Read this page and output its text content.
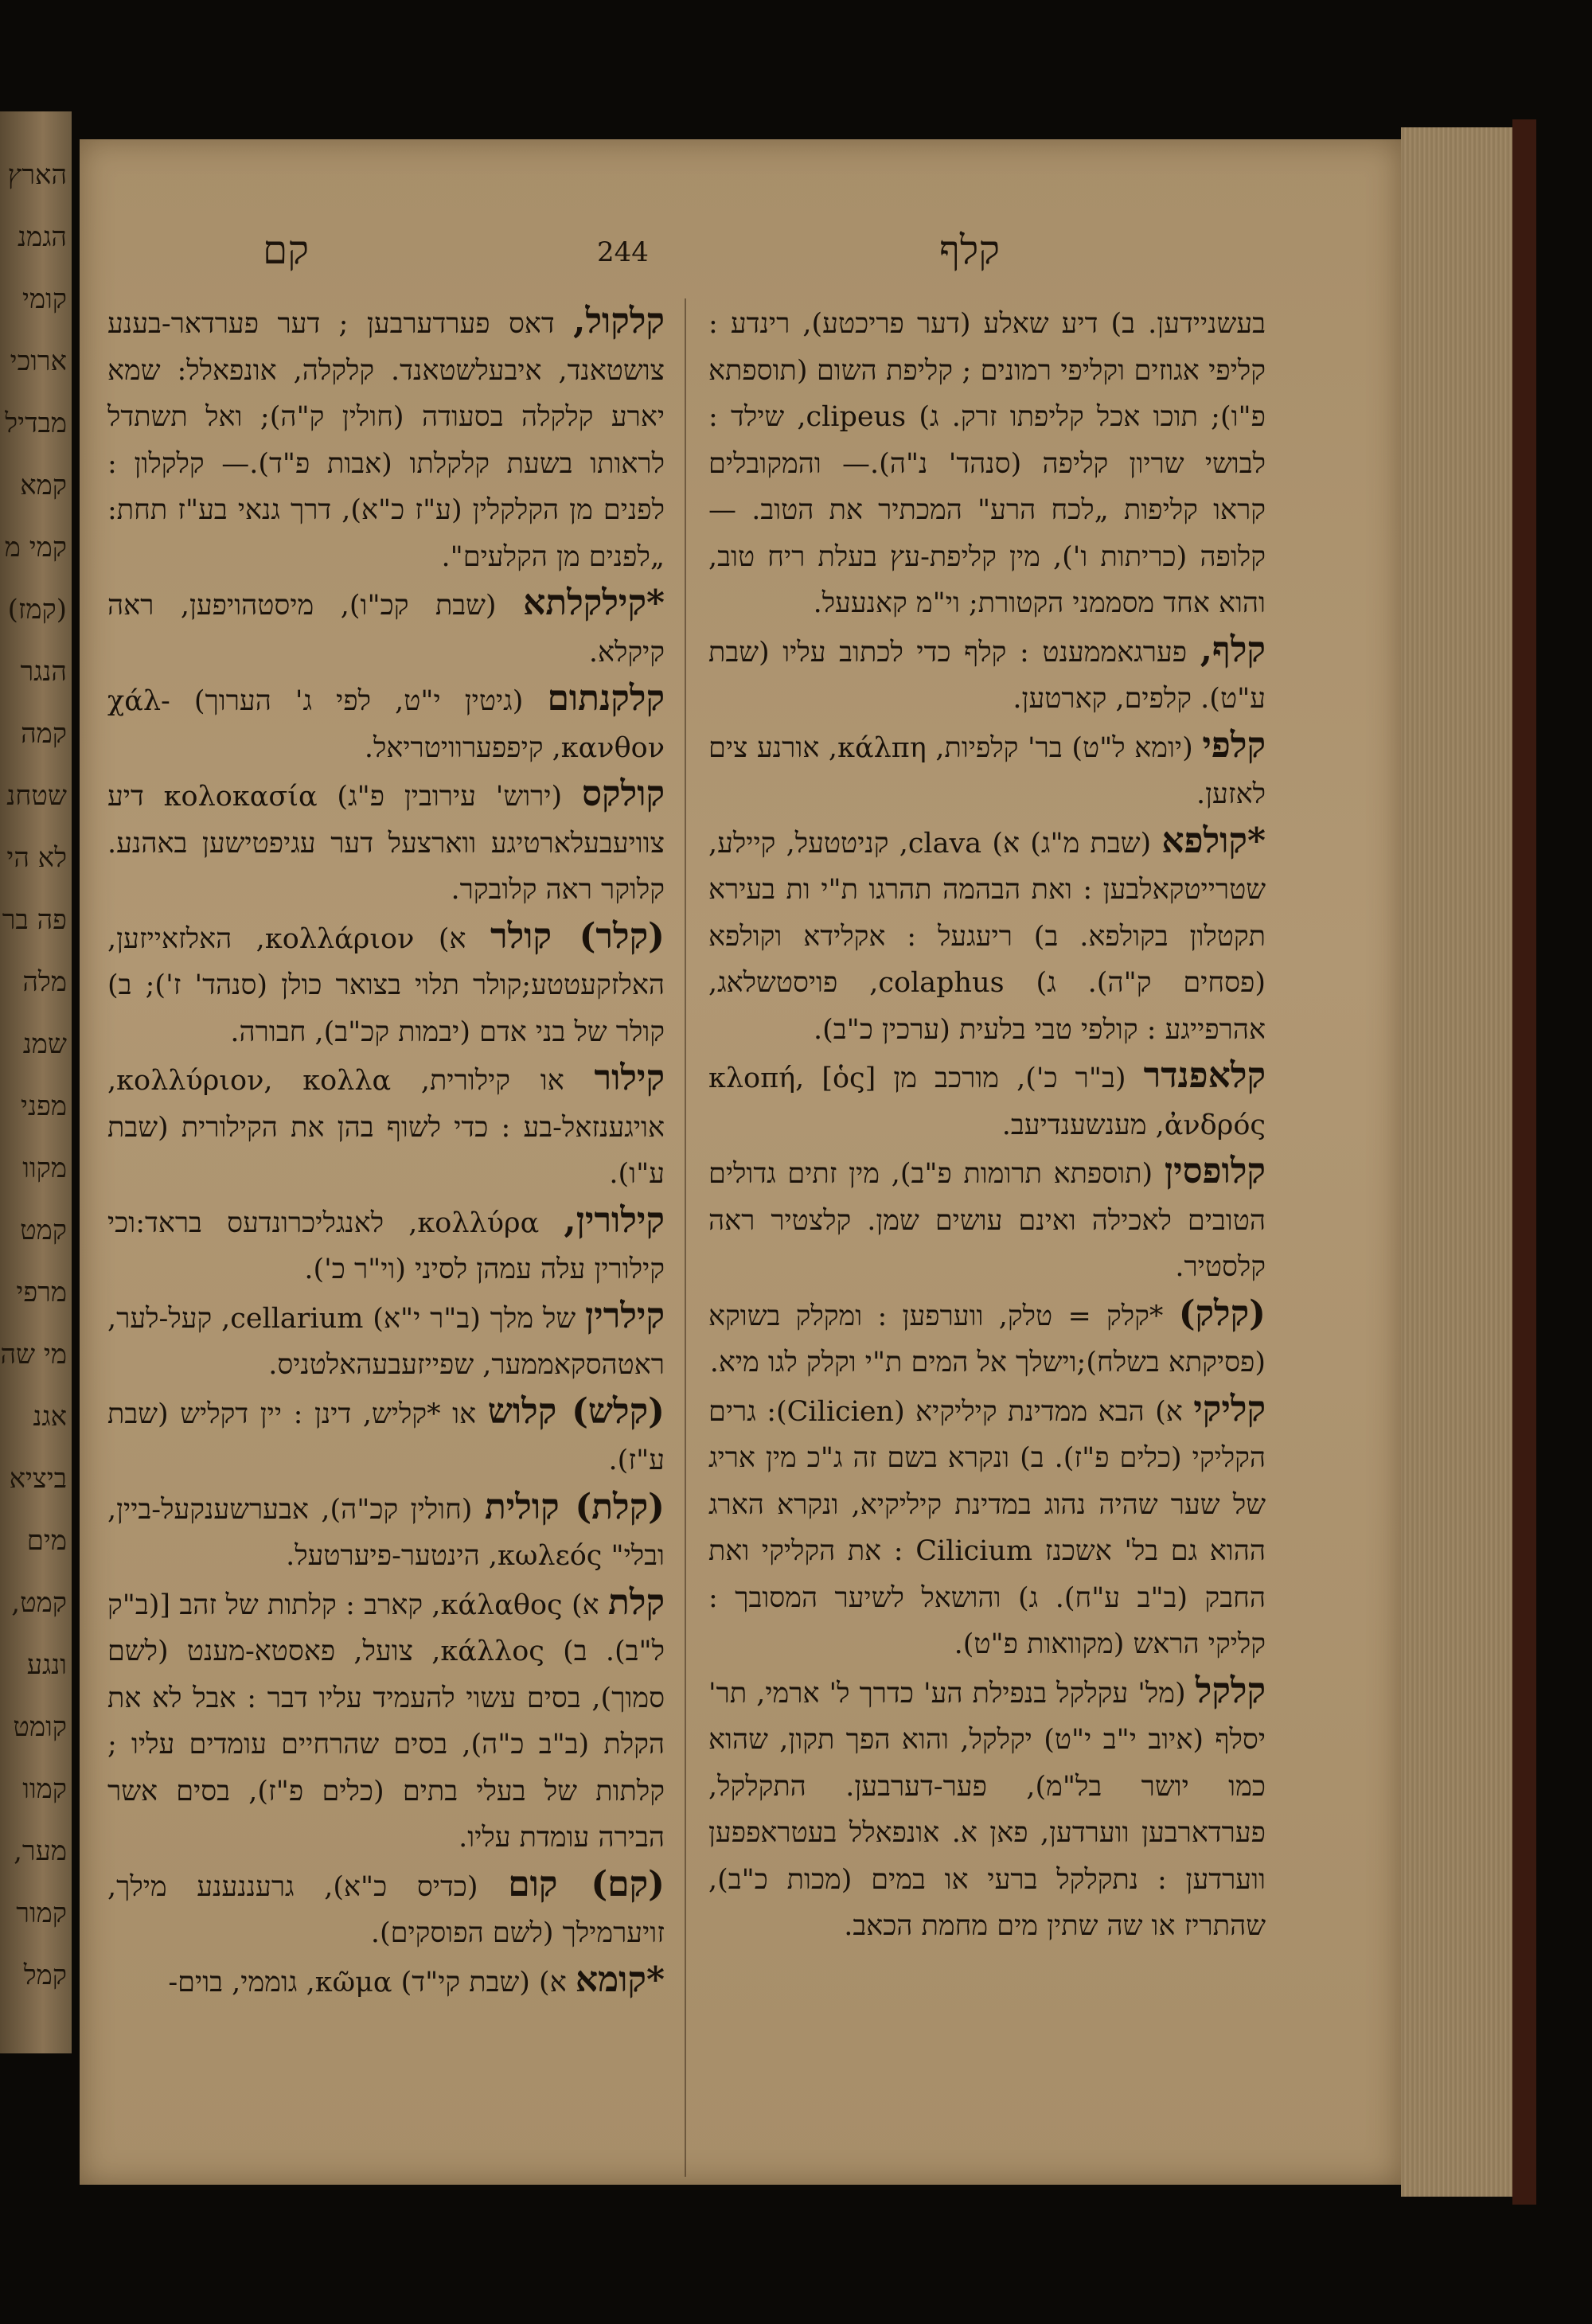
הארץ
הגמנ
קומי
ארוכי
מבדיל
קמא
קמי מ
(קמז)
הנגר
קמה
שטחנ
לא הי
פה בר
מלה
שמנ
מפני
מקוו
קמט
מרפי
מי שה
אגנ
ביציא
מים
קמט,
ונגע
קומט
קמוו
מער,
קמור
קמל
קם	244	קלף

קלקול, דאס פערדערבען ; דער פערדאר-בענע צושטאנד, איבעלשטאנד. קלקלה, אונפאלל: שמא יארע קלקלה בסעודה (חולין ק"ה); ואל תשתדל לראותו בשעת קלקלתו (אבות פ"ד).— קלקלון : לפנים מן הקלקלין (ע"ז כ"א), דרך גנאי בע"ז תחת: „לפנים מן הקלעים".

*קילקלתא (שבת קכ"ו), מיסטהויפען, ראה קיקלא.

קלקנתום (גיטין י"ט, לפי ג' הערוך) χάλ-κανθον, קיפפערוויטריאל.

קולקס (ירוש' עירובין פ"ג) κολοκασία דיע צוויעבעלארטיגע ווארצעל דער עגיפטישען באהנע. קלוקר ראה קלובקר.

(קלר) קולר א) κολλάριον, האלזאייזען, האלזקעטטע;קולר תלוי בצואר כולן (סנהד' ז'); ב) קולר של בני אדם (יבמות קכ"ב), חבורה.

קילור או קילורית, κολλύριον, κολλα, אויגענזאל-בע : כדי לשוף בהן את הקילורית (שבת ע"ו).

קילורין, κολλύρα, לאנגליכרונדעס בראד:וכי קילורין עלה עמהן לסיני (וי"ר כ').

קילרין של מלך (ב"ר י"א) cellarium, קעל-לער, ראטהסקאממער, שפייזעבעהאלטניס.

(קלש) קלוש או *קליש, דינן : יין דקליש (שבת ע"ז).

(קלת) קולית (חולין קכ"ה), אבערשענקעל-ביין, ובלי" κωλεός, הינטער-פיערטעל.

קלת א) κάλαθος, קארב : קלתות של זהב [(ב"ק ל"ב). ב) κάλλος, צועל, פאסטא-מענט (לשם סמוך), בסים עשוי להעמיד עליו דבר : אבל לא את הקלת (ב"ב כ"ה), בסים שהרחיים עומדים עליו ; קלתות של בעלי בתים (כלים פ"ז), בסים אשר הבירה עומדת עליו.

(קם) קום (כדיס כ"א), גרעננענע מילך, זויערמילך (לשם הפוסקים).

*קומא א) (שבת קי"ד) κῶμα, גוממי, בוים-

בעשניידען. ב) דיע שאלע (דער פריכטע), רינדע : קליפי אגוזים וקליפי רמונים ; קליפת השום (תוספתא פ"ו); תוכו אכל קליפתו זרק. ג) clipeus, שילד : לבושי שריון קליפה (סנהד' נ"ה).— והמקובלים קראו קליפות „לכח הרע" המכתיר את הטוב. — קלופה (כריתות ו'), מין קליפת-עץ בעלת ריח טוב, והוא אחד מסממני הקטורת; וי"מ קאנעעל.

קלף, פערגאממענט : קלף כדי לכתוב עליו (שבת ע"ט). קלפים, קארטען.

קלפי (יומא ל"ט) בר' קלפיות, κάλπη, אורנע צים לאזען.

*קולפא (שבת מ"ג) א) clava, קניטטעל, קיילע, שטרייטקאלבען : ואת הבהמה תהרגו ת"י ות בעירא תקטלון בקולפא. ב) ריעגעל : אקלידא וקולפא (פסחים ק"ה). ג) colaphus, פויסטשלאג, אהרפייגע : קולפי טבי בלעית (ערכין כ"ב).

קלאפנדר (ב"ר כ'), מורכב מן [ὁς] κλοπή, ἀνδρός, מענשענדיעב.

קלופסין (תוספתא תרומות פ"ב), מין זתים גדולים הטובים לאכילה ואינם עושים שמן. קלצטיר ראה קלסטיר.

(קלק) *קלק = טלק, ווערפען : ומקלק בשוקא (פסיקתא בשלח);וישלך אל המים ת"י וקלק לגו מיא.

קליקי א) הבא ממדינת קיליקיא (Cilicien): גרים הקליקי (כלים פ"ז). ב) ונקרא בשם זה ג"כ מין אריג של שער שהיה נהוג במדינת קיליקיא, ונקרא הארג ההוא גם בל' אשכנז Cilicium : את הקליקי ואת החבק (ב"ב ע"ח). ג) והושאל לשיער המסובך : קליקי הראש (מקוואות פ"ט).

קלקל (מל' עקלקל בנפילת הע' כדרך ל' ארמי, תר' יסלף (איוב י"ב י"ט) יקלקל, והוא הפך תקון, שהוא כמו יושר בל"מ), פער-דערבען. התקלקל, פערדארבען ווערדען, פאן א. אונפאלל בעטראפפען ווערדען : נתקלקל ברעי או במים (מכות כ"ב), שהתריז או שה שתין מים מחמת הכאב.
